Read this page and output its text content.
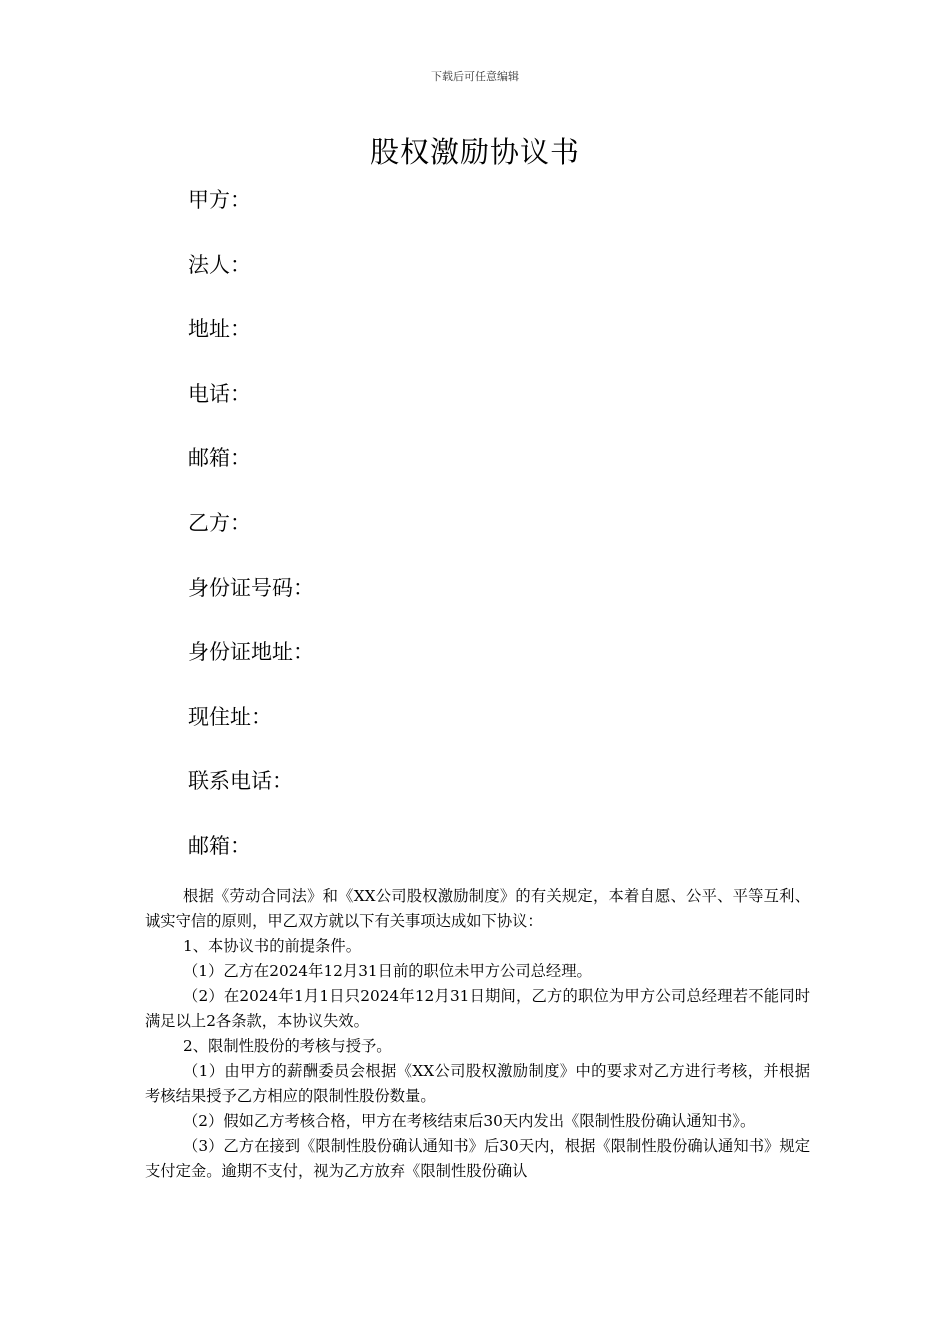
下载后可任意编辑
股权激励协议书
甲方：
法人：
地址：
电话：
邮箱：
乙方：
身份证号码：
身份证地址：
现住址：
联系电话：
邮箱：

根据《劳动合同法》和《XX公司股权激励制度》的有关规定，本着自愿、公平、平等互利、诚实守信的原则，甲乙双方就以下有关事项达成如下协议：

1、本协议书的前提条件。

（1）乙方在2024年12月31日前的职位未甲方公司总经理。

（2）在2024年1月1日只2024年12月31日期间，乙方的职位为甲方公司总经理若不能同时满足以上2各条款，本协议失效。

2、限制性股份的考核与授予。

（1）由甲方的薪酬委员会根据《XX公司股权激励制度》中的要求对乙方进行考核，并根据考核结果授予乙方相应的限制性股份数量。

（2）假如乙方考核合格，甲方在考核结束后30天内发出《限制性股份确认通知书》。

（3）乙方在接到《限制性股份确认通知书》后30天内，根据《限制性股份确认通知书》规定支付定金。逾期不支付，视为乙方放弃《限制性股份确认
